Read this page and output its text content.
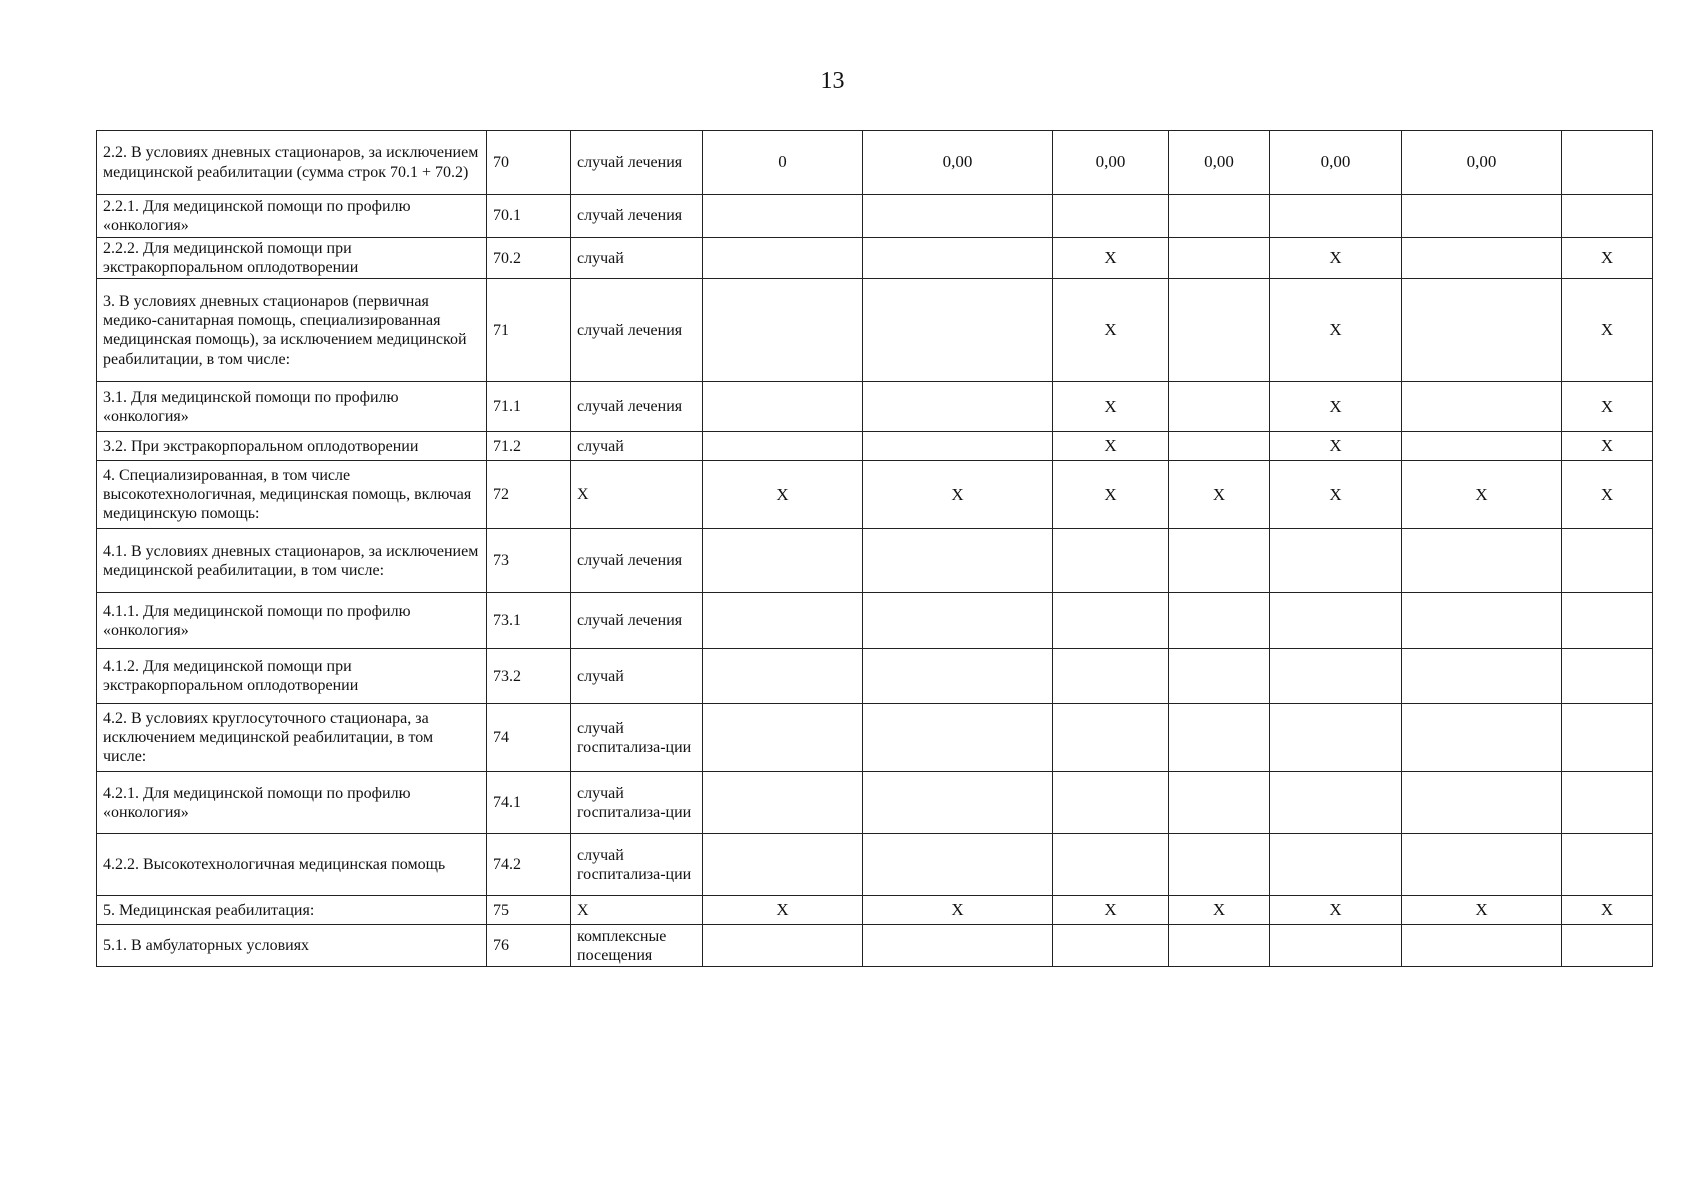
13
2.2. В условиях дневных стационаров, за исключением медицинской реабилитации (сумма строк 70.1 + 70.2)	70	случай лечения	0	0,00	0,00	0,00	0,00	0,00	
2.2.1. Для медицинской помощи по профилю «онкология»	70.1	случай лечения							
2.2.2. Для медицинской помощи при экстракорпоральном оплодотворении	70.2	случай			X		X		X
3. В условиях дневных стационаров (первичная медико-санитарная помощь, специализированная медицинская помощь), за исключением медицинской реабилитации, в том числе:	71	случай лечения			X		X		X
3.1. Для медицинской помощи по профилю «онкология»	71.1	случай лечения			X		X		X
3.2. При экстракорпоральном оплодотворении	71.2	случай			X		X		X
4. Специализированная, в том числе высокотехнологичная, медицинская помощь, включая медицинскую помощь:	72	X	X	X	X	X	X	X	X
4.1. В условиях дневных стационаров, за исключением медицинской реабилитации, в том числе:	73	случай лечения							
4.1.1. Для медицинской помощи по профилю «онкология»	73.1	случай лечения							
4.1.2. Для медицинской помощи при экстракорпоральном оплодотворении	73.2	случай							
4.2. В условиях круглосуточного стационара, за исключением медицинской реабилитации, в том числе:	74	случай госпитализа-ции							
4.2.1. Для медицинской помощи по профилю «онкология»	74.1	случай госпитализа-ции							
4.2.2. Высокотехнологичная медицинская помощь	74.2	случай госпитализа-ции							
5. Медицинская реабилитация:	75	X	X	X	X	X	X	X	X
5.1. В амбулаторных условиях	76	комплексные посещения							
